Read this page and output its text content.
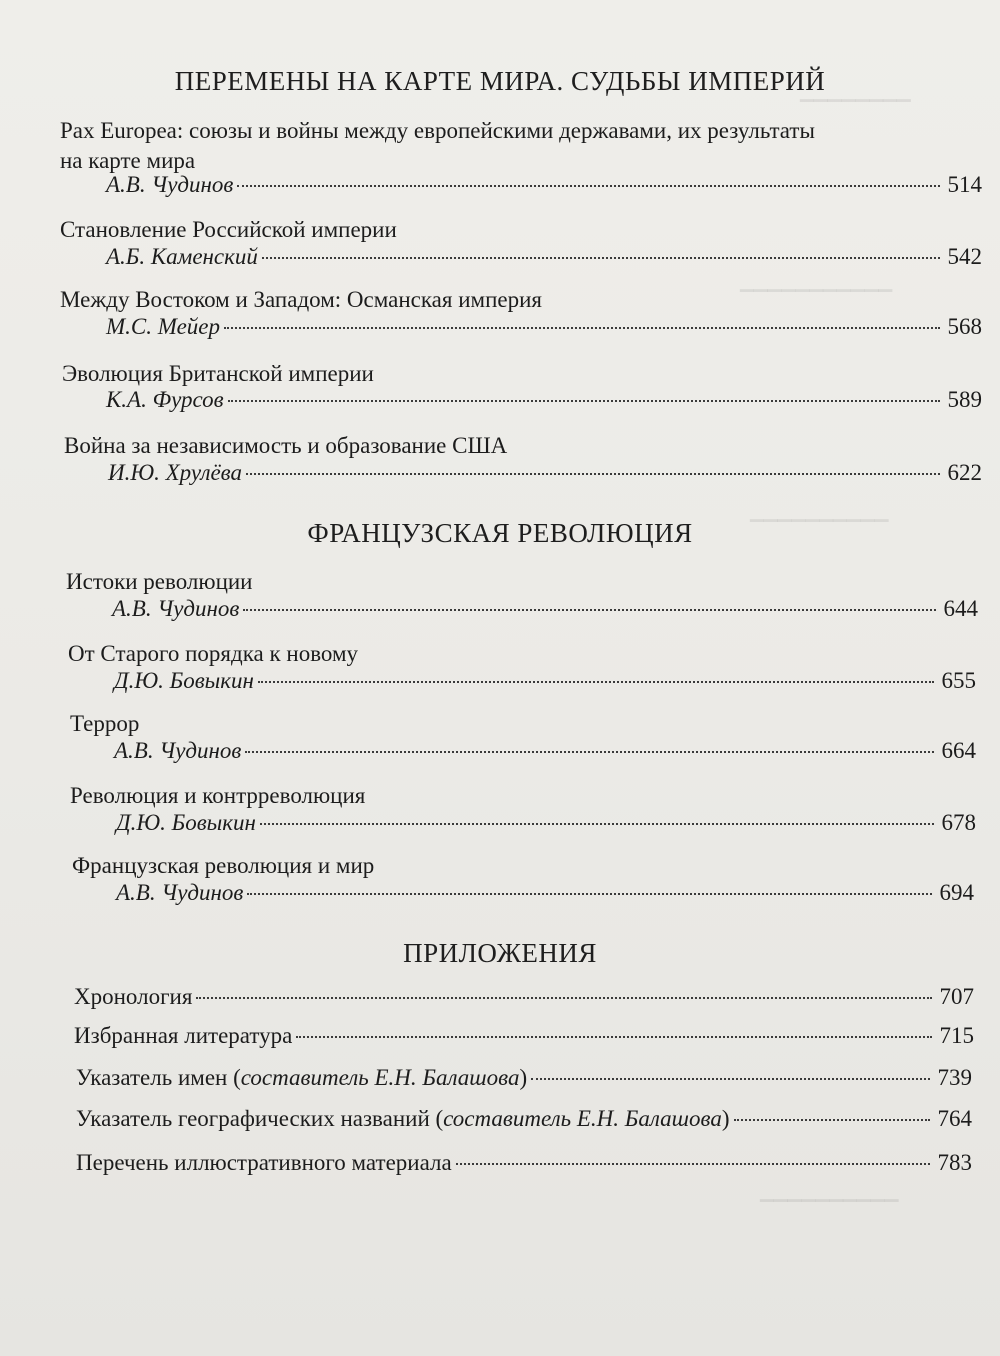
▔▔▔▔▔▔▔▔
▔▔▔▔▔▔▔▔▔▔▔
▔▔▔▔▔▔▔▔▔▔
▔▔▔▔▔▔▔▔▔▔
ПЕРЕМЕНЫ НА КАРТЕ МИРА. СУДЬБЫ ИМПЕРИЙ
Pax Europea: союзы и войны между европейскими державами, их результаты
на карте мира
А.В. Чудинов	514
Становление Российской империи
А.Б. Каменский	542
Между Востоком и Западом: Османская империя
М.С. Мейер	568
Эволюция Британской империи
К.А. Фурсов	589
Война за независимость и образование США
И.Ю. Хрулёва	622
ФРАНЦУЗСКАЯ РЕВОЛЮЦИЯ
Истоки революции
А.В. Чудинов	644
От Старого порядка к новому
Д.Ю. Бовыкин	655
Террор
А.В. Чудинов	664
Революция и контрреволюция
Д.Ю. Бовыкин	678
Французская революция и мир
А.В. Чудинов	694
ПРИЛОЖЕНИЯ
Хронология	707
Избранная литература	715
Указатель имен (составитель Е.Н. Балашова)	739
Указатель географических названий (составитель Е.Н. Балашова)	764
Перечень иллюстративного материала	783
